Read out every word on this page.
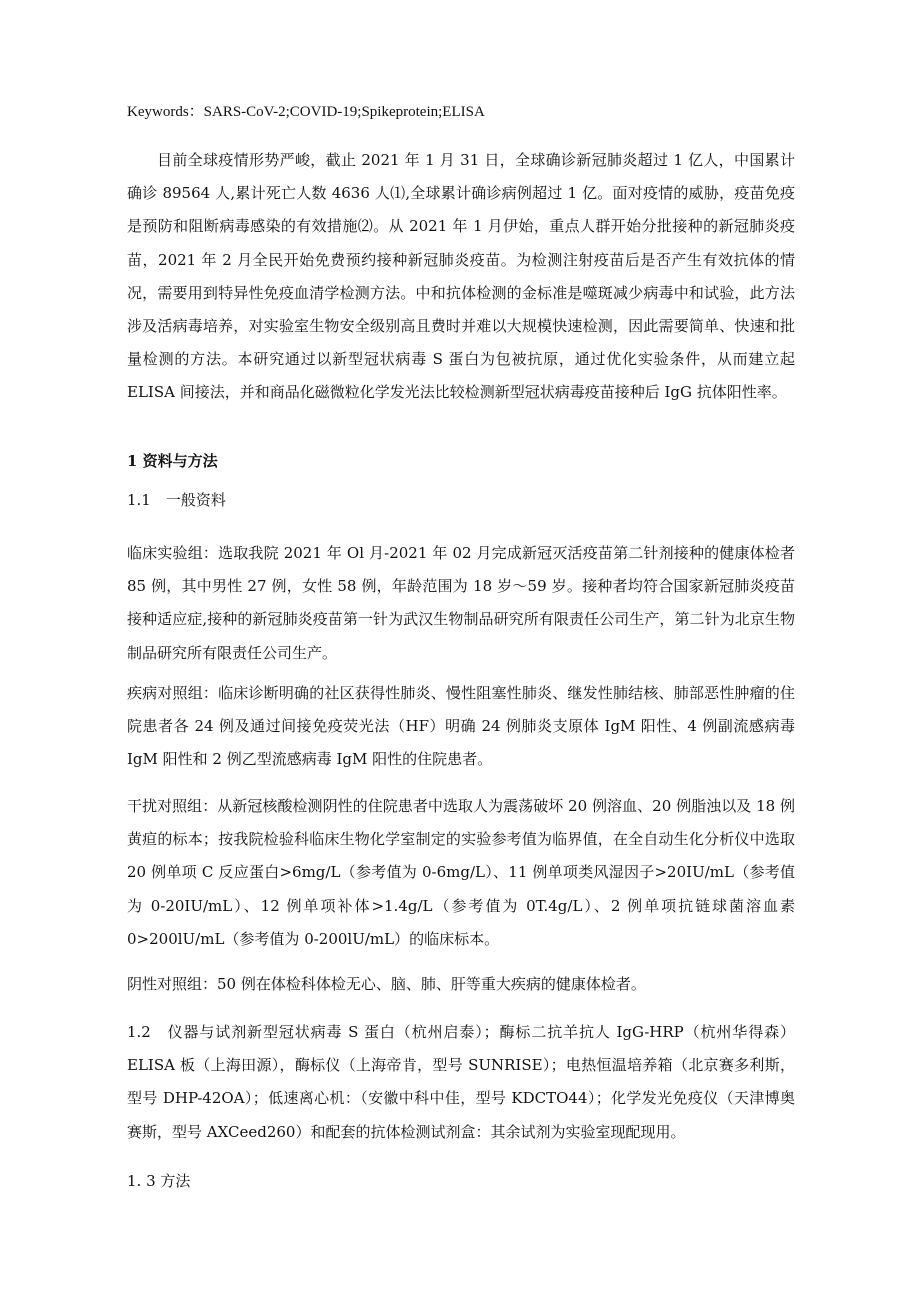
Keywords：SARS-CoV-2;COVID-19;Spikeprotein;ELISA

目前全球疫情形势严峻，截止 2021 年 1 月 31 日，全球确诊新冠肺炎超过 1 亿人，中国累计确诊 89564 人,累计死亡人数 4636 人⑴,全球累计确诊病例超过 1 亿。面对疫情的威胁，疫苗免疫是预防和阻断病毒感染的有效措施⑵。从 2021 年 1 月伊始，重点人群开始分批接种的新冠肺炎疫苗，2021 年 2 月全民开始免费预约接种新冠肺炎疫苗。为检测注射疫苗后是否产生有效抗体的情况，需要用到特异性免疫血清学检测方法。中和抗体检测的金标准是噬斑减少病毒中和试验，此方法涉及活病毒培养，对实验室生物安全级别高且费时并难以大规模快速检测，因此需要简单、快速和批量检测的方法。本研究通过以新型冠状病毒 S 蛋白为包被抗原，通过优化实验条件，从而建立起 ELISA 间接法，并和商品化磁微粒化学发光法比较检测新型冠状病毒疫苗接种后 IgG 抗体阳性率。

1 资料与方法
1.1　一般资料

临床实验组：选取我院 2021 年 Ol 月-2021 年 02 月完成新冠灭活疫苗第二针剂接种的健康体检者 85 例，其中男性 27 例，女性 58 例，年龄范围为 18 岁～59 岁。接种者均符合国家新冠肺炎疫苗接种适应症,接种的新冠肺炎疫苗第一针为武汉生物制品研究所有限责任公司生产，第二针为北京生物制品研究所有限责任公司生产。

疾病对照组：临床诊断明确的社区获得性肺炎、慢性阻塞性肺炎、继发性肺结核、肺部恶性肿瘤的住院患者各 24 例及通过间接免疫荧光法（HF）明确 24 例肺炎支原体 IgM 阳性、4 例副流感病毒 IgM 阳性和 2 例乙型流感病毒 IgM 阳性的住院患者。

干扰对照组：从新冠核酸检测阴性的住院患者中选取人为震荡破坏 20 例溶血、20 例脂浊以及 18 例黄疸的标本；按我院检验科临床生物化学室制定的实验参考值为临界值，在全自动生化分析仪中选取 20 例单项 C 反应蛋白>6mg∕L（参考值为 0-6mg∕L）、11 例单项类风湿因子>20IU∕mL（参考值为 0-20IU∕mL）、12 例单项补体>1.4g/L（参考值为 0T.4g/L）、2 例单项抗链球菌溶血素 0>200lU/mL（参考值为 0-200lU∕mL）的临床标本。

阴性对照组：50 例在体检科体检无心、脑、肺、肝等重大疾病的健康体检者。

1.2　仪器与试剂新型冠状病毒 S 蛋白（杭州启泰）；酶标二抗羊抗人 IgG-HRP（杭州华得森）ELISA 板（上海田源），酶标仪（上海帝肯，型号 SUNRISE）；电热恒温培养箱（北京赛多利斯，型号 DHP-42OA）；低速离心机：（安徽中科中佳，型号 KDCTO44）；化学发光免疫仪（天津博奥赛斯，型号 AXCeed260）和配套的抗体检测试剂盒：其余试剂为实验室现配现用。

1. 3 方法
